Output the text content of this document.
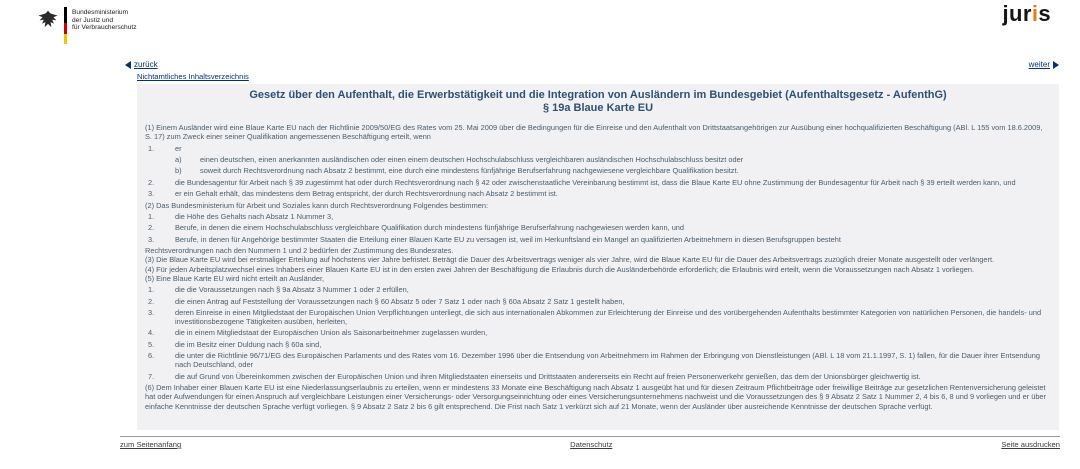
Bundesministerium
der Justiz und
für Verbraucherschutz
juris
zurück	weiter
Nichtamtliches Inhaltsverzeichnis
Gesetz über den Aufenthalt, die Erwerbstätigkeit und die Integration von Ausländern im Bundesgebiet (Aufenthaltsgesetz - AufenthG)
§ 19a Blaue Karte EU

(1) Einem Ausländer wird eine Blaue Karte EU nach der Richtlinie 2009/50/EG des Rates vom 25. Mai 2009 über die Bedingungen für die Einreise und den Aufenthalt von Drittstaatsangehörigen zur Ausübung einer hochqualifizierten Beschäftigung (ABl. L 155 vom 18.6.2009, S. 17) zum Zweck einer seiner Qualifikation angemessenen Beschäftigung erteilt, wenn

1.	er
a)	einen deutschen, einen anerkannten ausländischen oder einen einem deutschen Hochschulabschluss vergleichbaren ausländischen Hochschulabschluss besitzt oder
b)	soweit durch Rechtsverordnung nach Absatz 2 bestimmt, eine durch eine mindestens fünfjährige Berufserfahrung nachgewiesene vergleichbare Qualifikation besitzt.
2.	die Bundesagentur für Arbeit nach § 39 zugestimmt hat oder durch Rechtsverordnung nach § 42 oder zwischenstaatliche Vereinbarung bestimmt ist, dass die Blaue Karte EU ohne Zustimmung der Bundesagentur für Arbeit nach § 39 erteilt werden kann, und
3.	er ein Gehalt erhält, das mindestens dem Betrag entspricht, der durch Rechtsverordnung nach Absatz 2 bestimmt ist.

(2) Das Bundesministerium für Arbeit und Soziales kann durch Rechtsverordnung Folgendes bestimmen:

1.	die Höhe des Gehalts nach Absatz 1 Nummer 3,
2.	Berufe, in denen die einem Hochschulabschluss vergleichbare Qualifikation durch mindestens fünfjährige Berufserfahrung nachgewiesen werden kann, und
3.	Berufe, in denen für Angehörige bestimmter Staaten die Erteilung einer Blauen Karte EU zu versagen ist, weil im Herkunftsland ein Mangel an qualifizierten Arbeitnehmern in diesen Berufsgruppen besteht

Rechtsverordnungen nach den Nummern 1 und 2 bedürfen der Zustimmung des Bundesrates.

(3) Die Blaue Karte EU wird bei erstmaliger Erteilung auf höchstens vier Jahre befristet. Beträgt die Dauer des Arbeitsvertrags weniger als vier Jahre, wird die Blaue Karte EU für die Dauer des Arbeitsvertrags zuzüglich dreier Monate ausgestellt oder verlängert.

(4) Für jeden Arbeitsplatzwechsel eines Inhabers einer Blauen Karte EU ist in den ersten zwei Jahren der Beschäftigung die Erlaubnis durch die Ausländerbehörde erforderlich; die Erlaubnis wird erteilt, wenn die Voraussetzungen nach Absatz 1 vorliegen.

(5) Eine Blaue Karte EU wird nicht erteilt an Ausländer,

1.	die die Voraussetzungen nach § 9a Absatz 3 Nummer 1 oder 2 erfüllen,
2.	die einen Antrag auf Feststellung der Voraussetzungen nach § 60 Absatz 5 oder 7 Satz 1 oder nach § 60a Absatz 2 Satz 1 gestellt haben,
3.	deren Einreise in einen Mitgliedstaat der Europäischen Union Verpflichtungen unterliegt, die sich aus internationalen Abkommen zur Erleichterung der Einreise und des vorübergehenden Aufenthalts bestimmter Kategorien von natürlichen Personen, die handels- und investitionsbezogene Tätigkeiten ausüben, herleiten,
4.	die in einem Mitgliedstaat der Europäischen Union als Saisonarbeitnehmer zugelassen wurden,
5.	die im Besitz einer Duldung nach § 60a sind,
6.	die unter die Richtlinie 96/71/EG des Europäischen Parlaments und des Rates vom 16. Dezember 1996 über die Entsendung von Arbeitnehmern im Rahmen der Erbringung von Dienstleistungen (ABl. L 18 vom 21.1.1997, S. 1) fallen, für die Dauer ihrer Entsendung nach Deutschland, oder
7.	die auf Grund von Übereinkommen zwischen der Europäischen Union und ihren Mitgliedstaaten einerseits und Drittstaaten andererseits ein Recht auf freien Personenverkehr genießen, das dem der Unionsbürger gleichwertig ist.

(6) Dem Inhaber einer Blauen Karte EU ist eine Niederlassungserlaubnis zu erteilen, wenn er mindestens 33 Monate eine Beschäftigung nach Absatz 1 ausgeübt hat und für diesen Zeitraum Pflichtbeiträge oder freiwillige Beiträge zur gesetzlichen Rentenversicherung geleistet hat oder Aufwendungen für einen Anspruch auf vergleichbare Leistungen einer Versicherungs- oder Versorgungseinrichtung oder eines Versicherungsunternehmens nachweist und die Voraussetzungen des § 9 Absatz 2 Satz 1 Nummer 2, 4 bis 6, 8 und 9 vorliegen und er über einfache Kenntnisse der deutschen Sprache verfügt vorliegen. § 9 Absatz 2 Satz 2 bis 6 gilt entsprechend. Die Frist nach Satz 1 verkürzt sich auf 21 Monate, wenn der Ausländer über ausreichende Kenntnisse der deutschen Sprache verfügt.

zum Seitenanfang	Datenschutz	Seite ausdrucken
